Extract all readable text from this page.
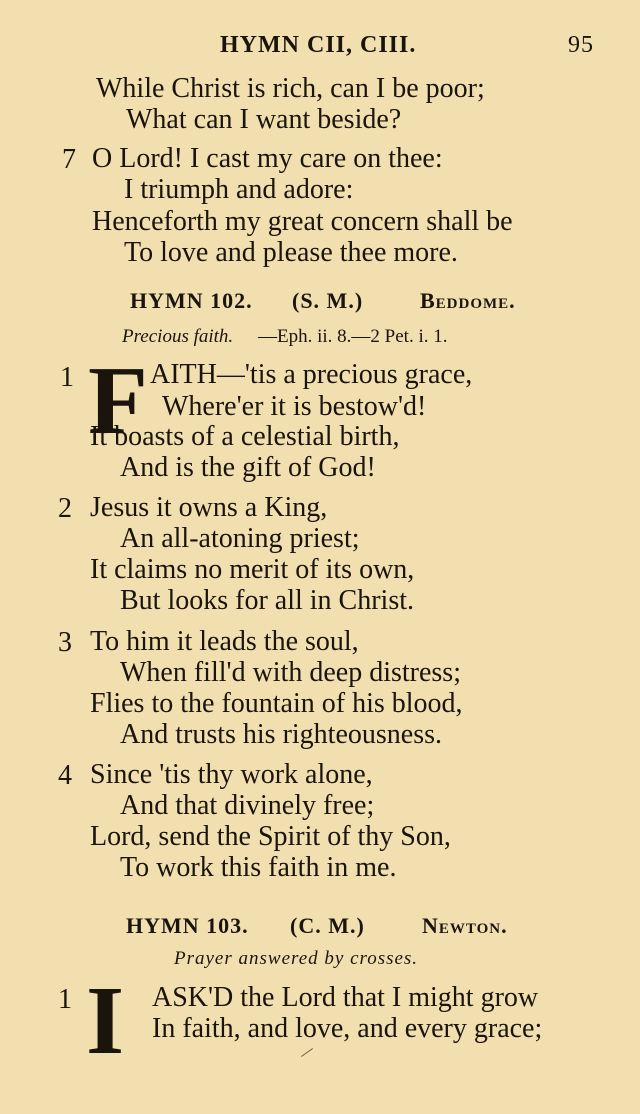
HYMN CII, CIII.	95
While Christ is rich, can I be poor;
What can I want beside?
7 O Lord! I cast my care on thee:
I triumph and adore:
Henceforth my great concern shall be
To love and please thee more.
HYMN 102. (S. M.)	Beddome.
Precious faith. —Eph. ii. 8.—2 Pet. i. 1.
1 F AITH—'tis a precious grace,
Where'er it is bestow'd!
It boasts of a celestial birth,
And is the gift of God!
2 Jesus it owns a King,
An all-atoning priest;
It claims no merit of its own,
But looks for all in Christ.
3 To him it leads the soul,
When fill'd with deep distress;
Flies to the fountain of his blood,
And trusts his righteousness.
4 Since 'tis thy work alone,
And that divinely free;
Lord, send the Spirit of thy Son,
To work this faith in me.
HYMN 103. (C. M.)	Newton.
Prayer answered by crosses.
1 I ASK'D the Lord that I might grow
In faith, and love, and every grace;
